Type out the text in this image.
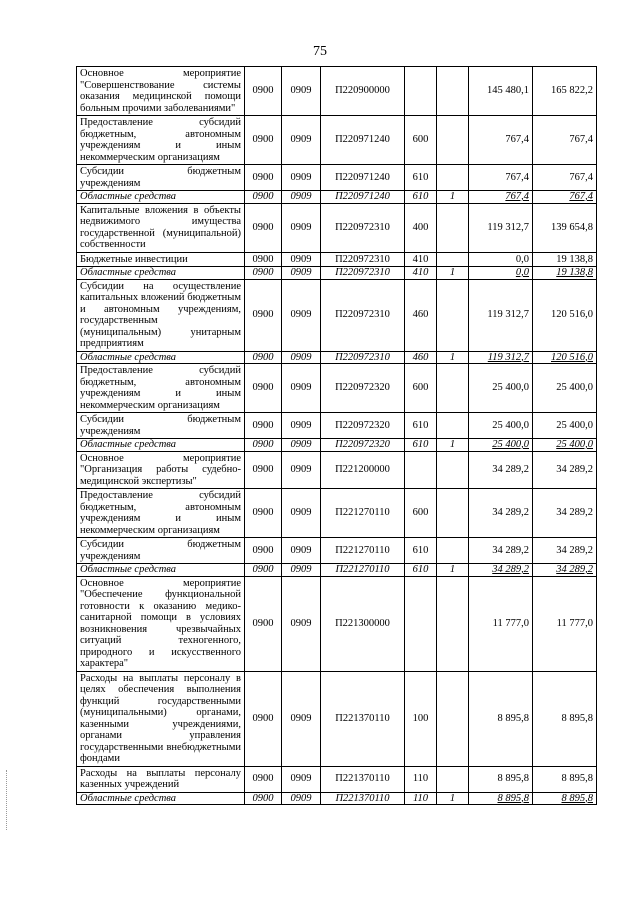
75
Основное мероприятие "Совершенствование системы оказания медицинской помощи больным прочими заболеваниями"	0900	0909	П220900000			145 480,1	165 822,2
Предоставление субсидий бюджетным, автономным учреждениям и иным некоммерческим организациям	0900	0909	П220971240	600		767,4	767,4
Субсидии бюджетным учреждениям	0900	0909	П220971240	610		767,4	767,4
Областные средства	0900	0909	П220971240	610	1	767,4	767,4
Капитальные вложения в объекты недвижимого имущества государственной (муниципальной) собственности	0900	0909	П220972310	400		119 312,7	139 654,8
Бюджетные инвестиции	0900	0909	П220972310	410		0,0	19 138,8
Областные средства	0900	0909	П220972310	410	1	0,0	19 138,8
Субсидии на осуществление капитальных вложений бюджетным и автономным учреждениям, государственным (муниципальным) унитарным предприятиям	0900	0909	П220972310	460		119 312,7	120 516,0
Областные средства	0900	0909	П220972310	460	1	119 312,7	120 516,0
Предоставление субсидий бюджетным, автономным учреждениям и иным некоммерческим организациям	0900	0909	П220972320	600		25 400,0	25 400,0
Субсидии бюджетным учреждениям	0900	0909	П220972320	610		25 400,0	25 400,0
Областные средства	0900	0909	П220972320	610	1	25 400,0	25 400,0
Основное мероприятие "Организация работы судебно-медицинской экспертизы"	0900	0909	П221200000			34 289,2	34 289,2
Предоставление субсидий бюджетным, автономным учреждениям и иным некоммерческим организациям	0900	0909	П221270110	600		34 289,2	34 289,2
Субсидии бюджетным учреждениям	0900	0909	П221270110	610		34 289,2	34 289,2
Областные средства	0900	0909	П221270110	610	1	34 289,2	34 289,2
Основное мероприятие "Обеспечение функциональной готовности к оказанию медико-санитарной помощи в условиях возникновения чрезвычайных ситуаций техногенного, природного и искусственного характера"	0900	0909	П221300000			11 777,0	11 777,0
Расходы на выплаты персоналу в целях обеспечения выполнения функций государственными (муниципальными) органами, казенными учреждениями, органами управления государственными внебюджетными фондами	0900	0909	П221370110	100		8 895,8	8 895,8
Расходы на выплаты персоналу казенных учреждений	0900	0909	П221370110	110		8 895,8	8 895,8
Областные средства	0900	0909	П221370110	110	1	8 895,8	8 895,8
